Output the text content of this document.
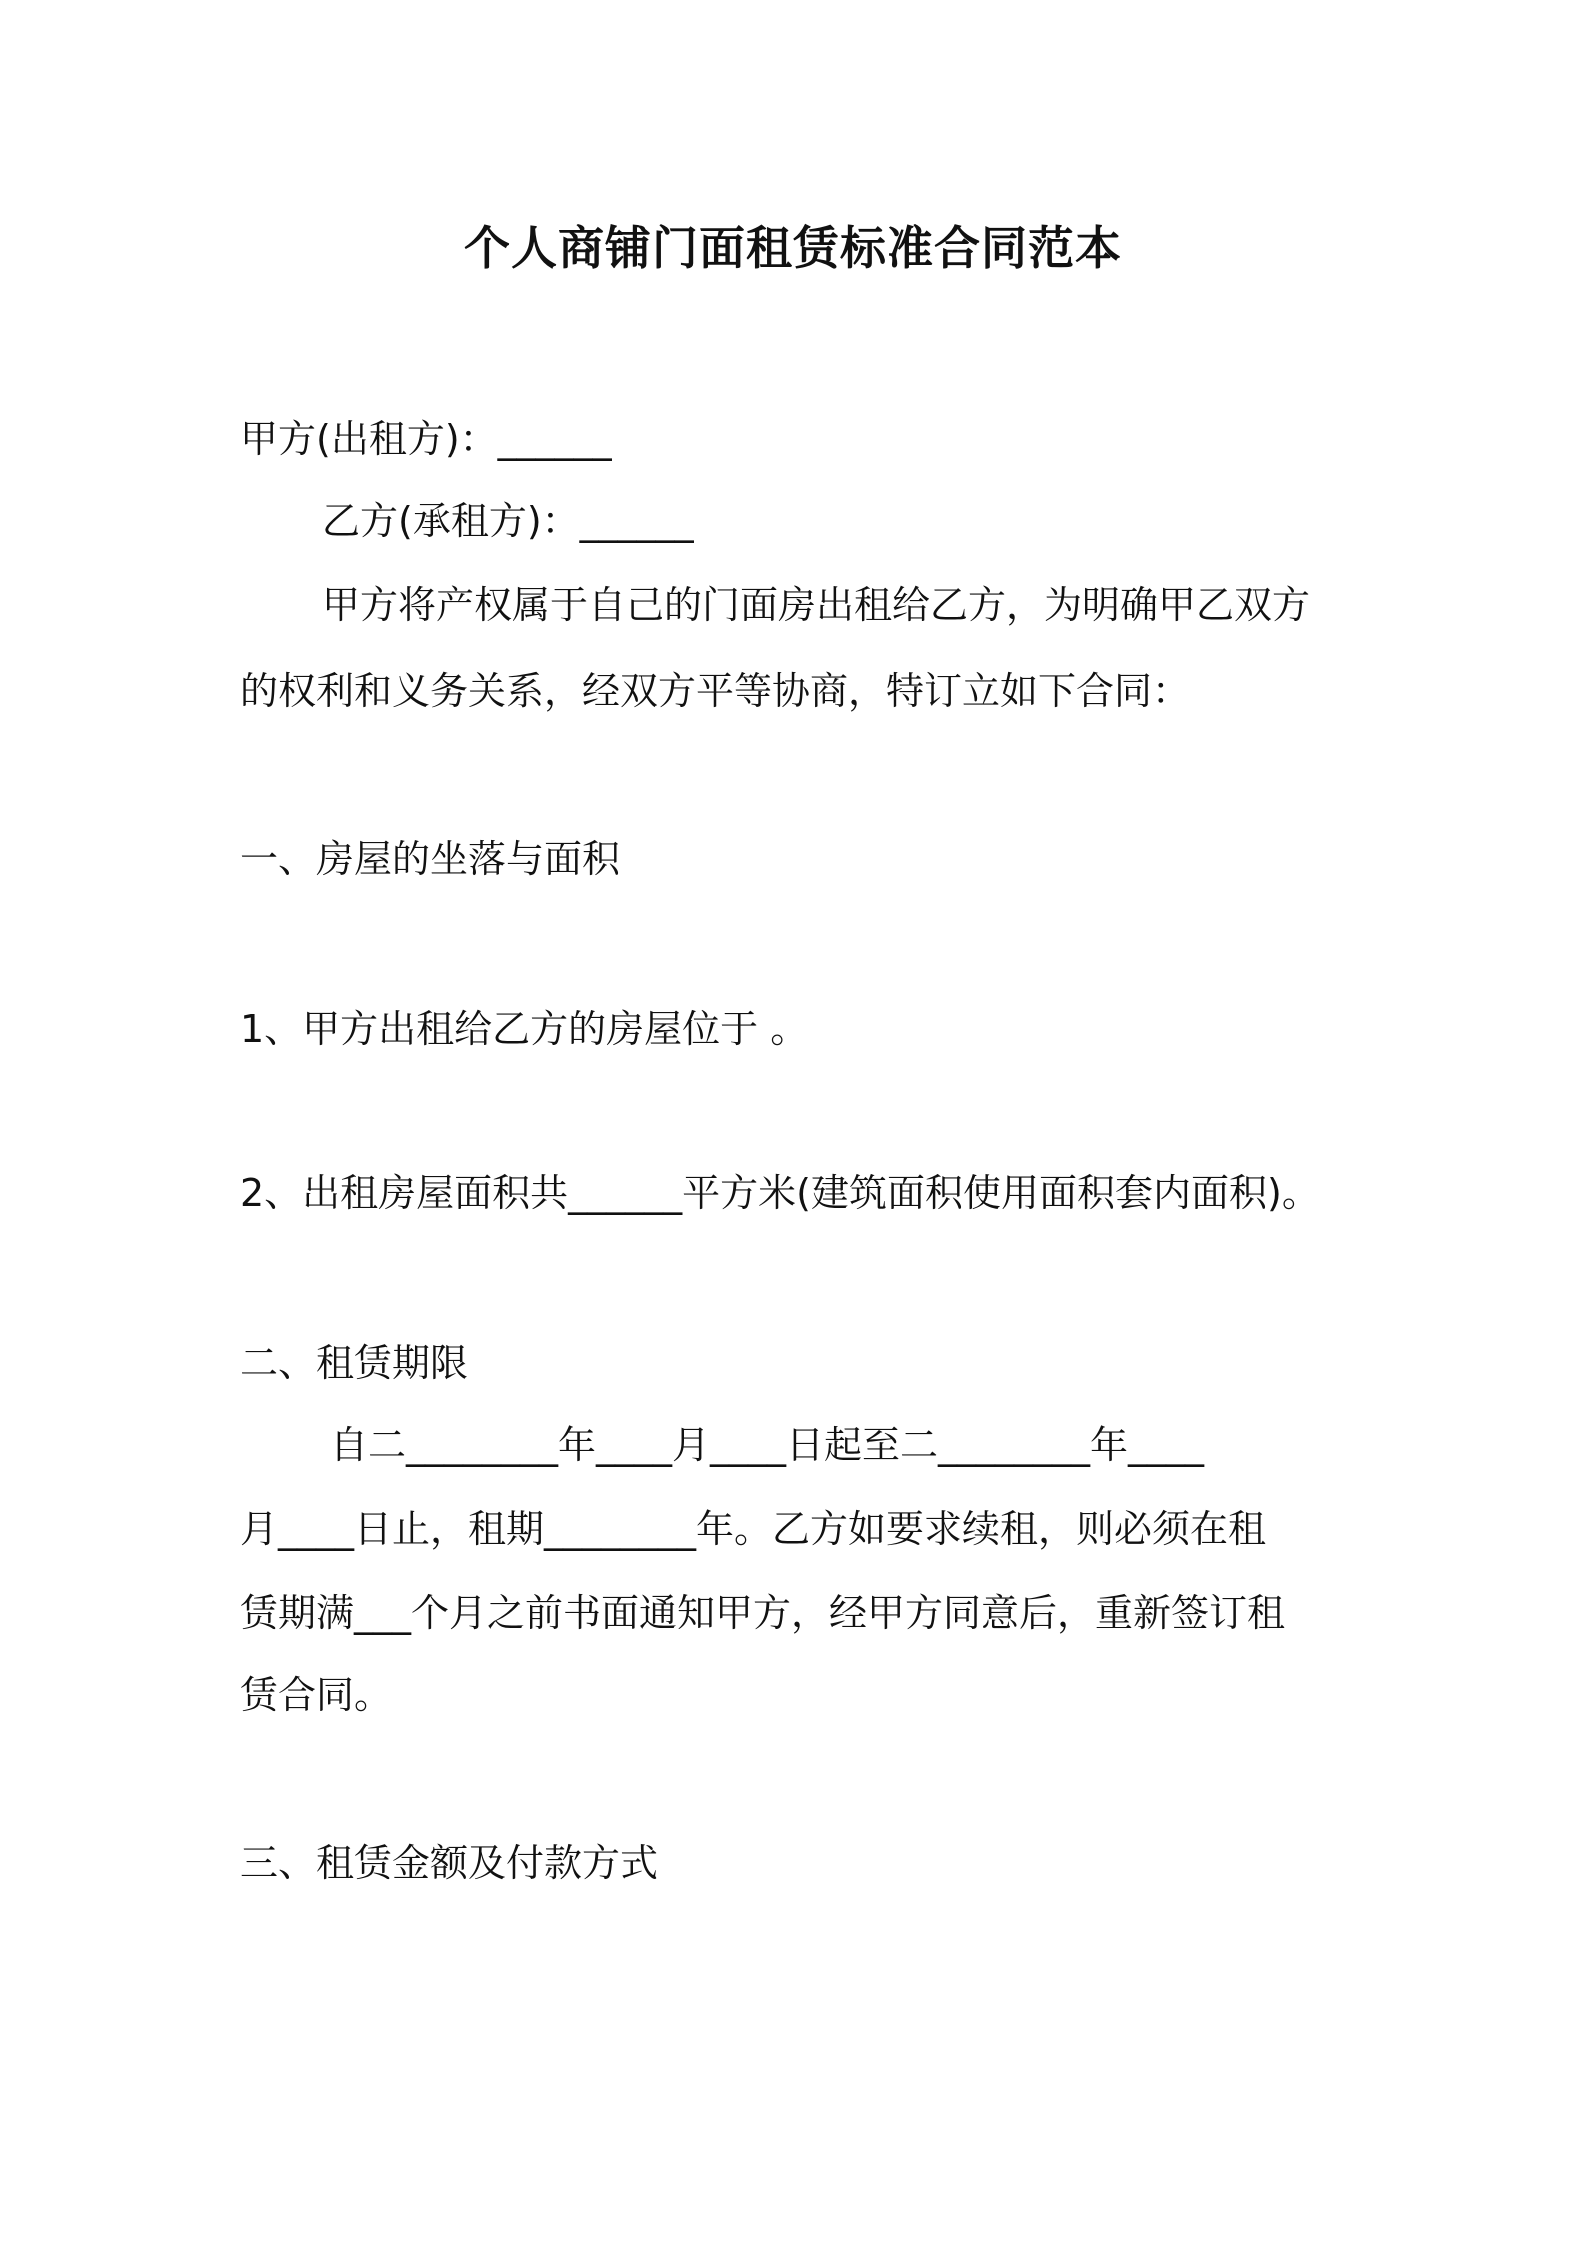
个人商铺门面租赁标准合同范本
甲方(出租方)：______
乙方(承租方)：______
甲方将产权属于自己的门面房出租给乙方，为明确甲乙双方
的权利和义务关系，经双方平等协商，特订立如下合同：
一、房屋的坐落与面积
1、甲方出租给乙方的房屋位于 。
2、出租房屋面积共______平方米(建筑面积使用面积套内面积)。
二、租赁期限
自二________年____月____日起至二________年____
月____日止，租期________年。乙方如要求续租，则必须在租
赁期满___个月之前书面通知甲方，经甲方同意后，重新签订租
赁合同。
三、租赁金额及付款方式
